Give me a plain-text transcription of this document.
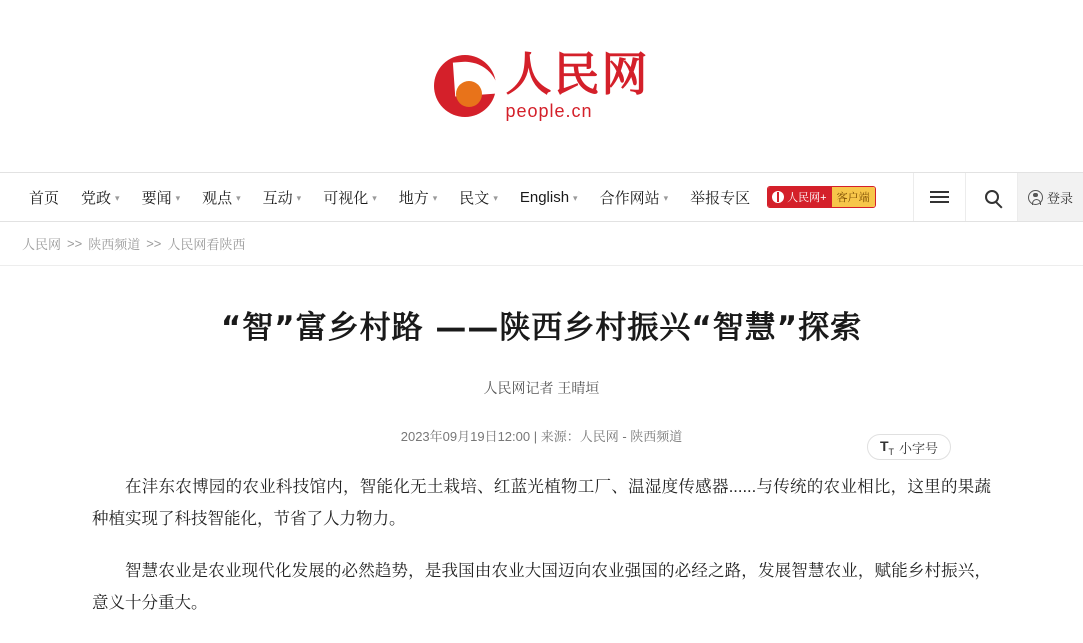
人民网
people.cn
首页 党政 ▾ 要闻 ▾ 观点 ▾ 互动 ▾ 可视化 ▾ 地方 ▾ 民文 ▾ English ▾ 合作网站 ▾ 举报专区	人民网+ 客户端	登录
人民网 >> 陕西频道 >> 人民网看陕西
“智”富乡村路 ——陕西乡村振兴“智慧”探索
人民网记者 王晴垣
2023年09月19日12:00 | 来源：人民网 - 陕西频道

在沣东农博园的农业科技馆内，智能化无土栽培、红蓝光植物工厂、温湿度传感器......与传统的农业相比，这里的果蔬种植实现了科技智能化，节省了人力物力。

智慧农业是农业现代化发展的必然趋势，是我国由农业大国迈向农业强国的必经之路，发展智慧农业，赋能乡村振兴，意义十分重大。

$T_T$ 小字号
